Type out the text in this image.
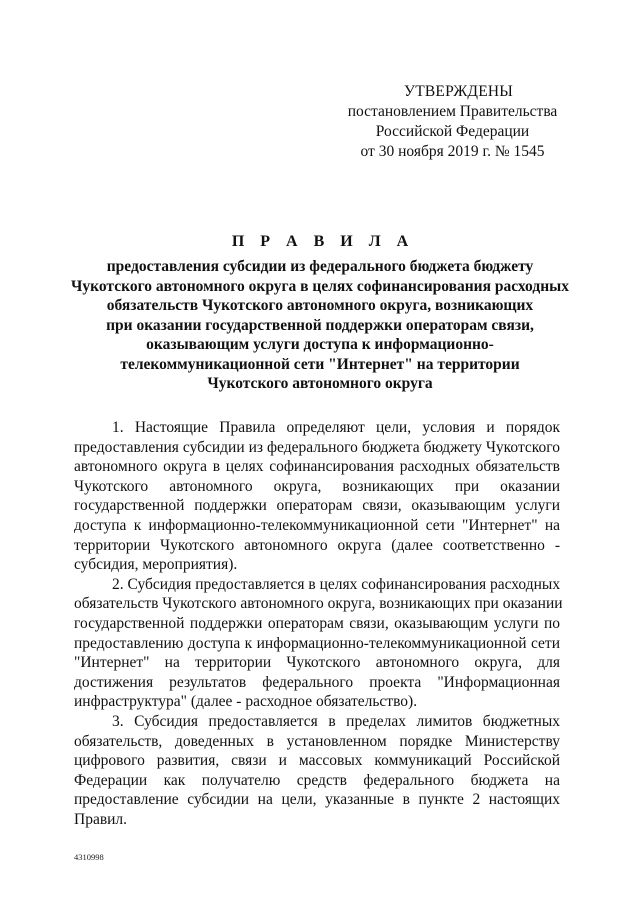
УТВЕРЖДЕНЫ
постановлением Правительства
Российской Федерации
от 30 ноября 2019 г. № 1545
П Р А В И Л А
предоставления субсидии из федерального бюджета бюджету
Чукотского автономного округа в целях софинансирования расходных
обязательств Чукотского автономного округа, возникающих
при оказании государственной поддержки операторам связи,
оказывающим услуги доступа к информационно-
телекоммуникационной сети "Интернет" на территории
Чукотского автономного округа
1. Настоящие Правила определяют цели, условия и порядок
предоставления субсидии из федерального бюджета бюджету Чукотского
автономного округа в целях софинансирования расходных обязательств
Чукотского автономного округа, возникающих при оказании
государственной поддержки операторам связи, оказывающим услуги
доступа к информационно-телекоммуникационной сети "Интернет" на
территории Чукотского автономного округа (далее соответственно -
субсидия, мероприятия).
2. Субсидия предоставляется в целях софинансирования расходных
обязательств Чукотского автономного округа, возникающих при оказании
государственной поддержки операторам связи, оказывающим услуги по
предоставлению доступа к информационно-телекоммуникационной сети
"Интернет" на территории Чукотского автономного округа, для
достижения результатов федерального проекта "Информационная
инфраструктура" (далее - расходное обязательство).
3. Субсидия предоставляется в пределах лимитов бюджетных
обязательств, доведенных в установленном порядке Министерству
цифрового развития, связи и массовых коммуникаций Российской
Федерации как получателю средств федерального бюджета на
предоставление субсидии на цели, указанные в пункте 2 настоящих
Правил.
4310998
